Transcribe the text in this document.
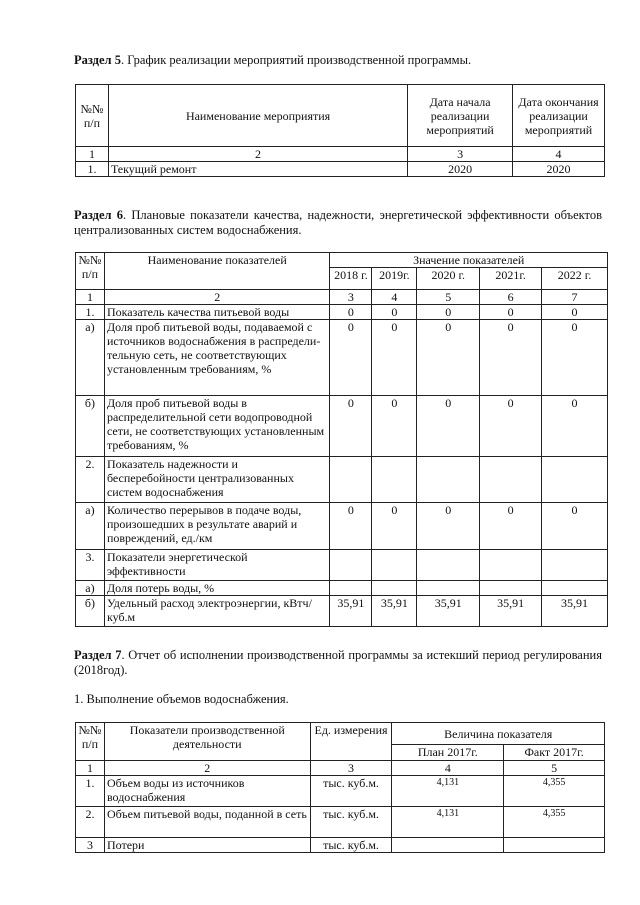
Раздел 5. График реализации мероприятий производственной программы.
№№ п/п	Наименование мероприятия	Дата начала реализации мероприятий	Дата окончания реализации мероприятий
1	2	3	4
1.	Текущий ремонт	2020	2020
Раздел 6. Плановые показатели качества, надежности, энергетической эффективности объектов централизованных систем водоснабжения.
№№ п/п	Наименование показателей	Значение показателей				
		2018 г.	2019г.	2020 г.	2021г.	2022 г.
1	2	3	4	5	6	7
1.	Показатель качества питьевой воды	0	0	0	0	0
а)	Доля проб питьевой воды, подаваемой с источников водоснабжения в распредели-тельную сеть, не соответствующих установленным требованиям, %	0	0	0	0	0
б)	Доля проб питьевой воды в распределительной сети водопроводной сети, не соответствующих установленным требованиям, %	0	0	0	0	0
2.	Показатель надежности и бесперебойности централизованных систем водоснабжения					
а)	Количество перерывов в подаче воды, произошедших в результате аварий и повреждений, ед./км	0	0	0	0	0
3.	Показатели энергетической эффективности					
а)	Доля потерь воды, %					
б)	Удельный расход электроэнергии, кВтч/куб.м	35,91	35,91	35,91	35,91	35,91
Раздел 7. Отчет об исполнении производственной программы за истекший период регулирования (2018год).
1. Выполнение объемов водоснабжения.
№№ п/п	Показатели производственной деятельности	Ед. измерения	Величина показателя	
			План 2017г.	Факт 2017г.
1	2	3	4	5
1.	Объем воды из источников водоснабжения	тыс. куб.м.	4,131	4,355
2.	Объем питьевой воды, поданной в сеть	тыс. куб.м.	4,131	4,355
3	Потери	тыс. куб.м.		
